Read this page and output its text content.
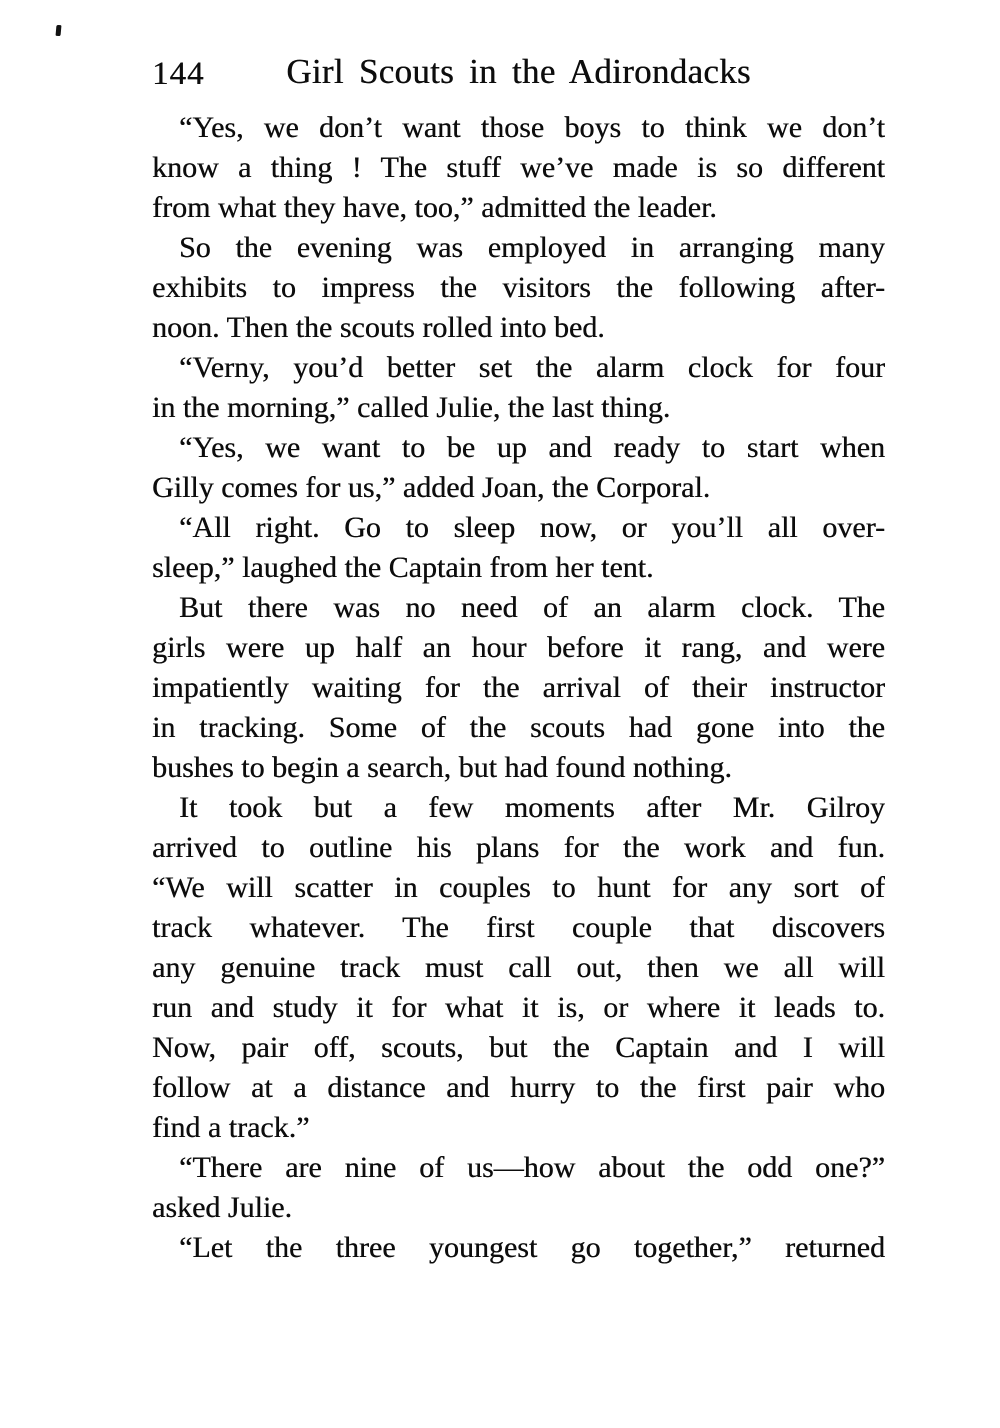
144	Girl Scouts in the Adirondacks
“Yes, we don’t want those boys to think we don’t
know a thing ! The stuff we’ve made is so different
from what they have, too,” admitted the leader.
So the evening was employed in arranging many
exhibits to impress the visitors the following after-
noon. Then the scouts rolled into bed.
“Verny, you’d better set the alarm clock for four
in the morning,” called Julie, the last thing.
“Yes, we want to be up and ready to start when
Gilly comes for us,” added Joan, the Corporal.
“All right. Go to sleep now, or you’ll all over-
sleep,” laughed the Captain from her tent.
But there was no need of an alarm clock. The
girls were up half an hour before it rang, and were
impatiently waiting for the arrival of their instructor
in tracking. Some of the scouts had gone into the
bushes to begin a search, but had found nothing.
It took but a few moments after Mr. Gilroy
arrived to outline his plans for the work and fun.
“We will scatter in couples to hunt for any sort of
track whatever. The first couple that discovers
any genuine track must call out, then we all will
run and study it for what it is, or where it leads to.
Now, pair off, scouts, but the Captain and I will
follow at a distance and hurry to the first pair who
find a track.”
“There are nine of us—how about the odd one?”
asked Julie.
“Let the three youngest go together,” returned
